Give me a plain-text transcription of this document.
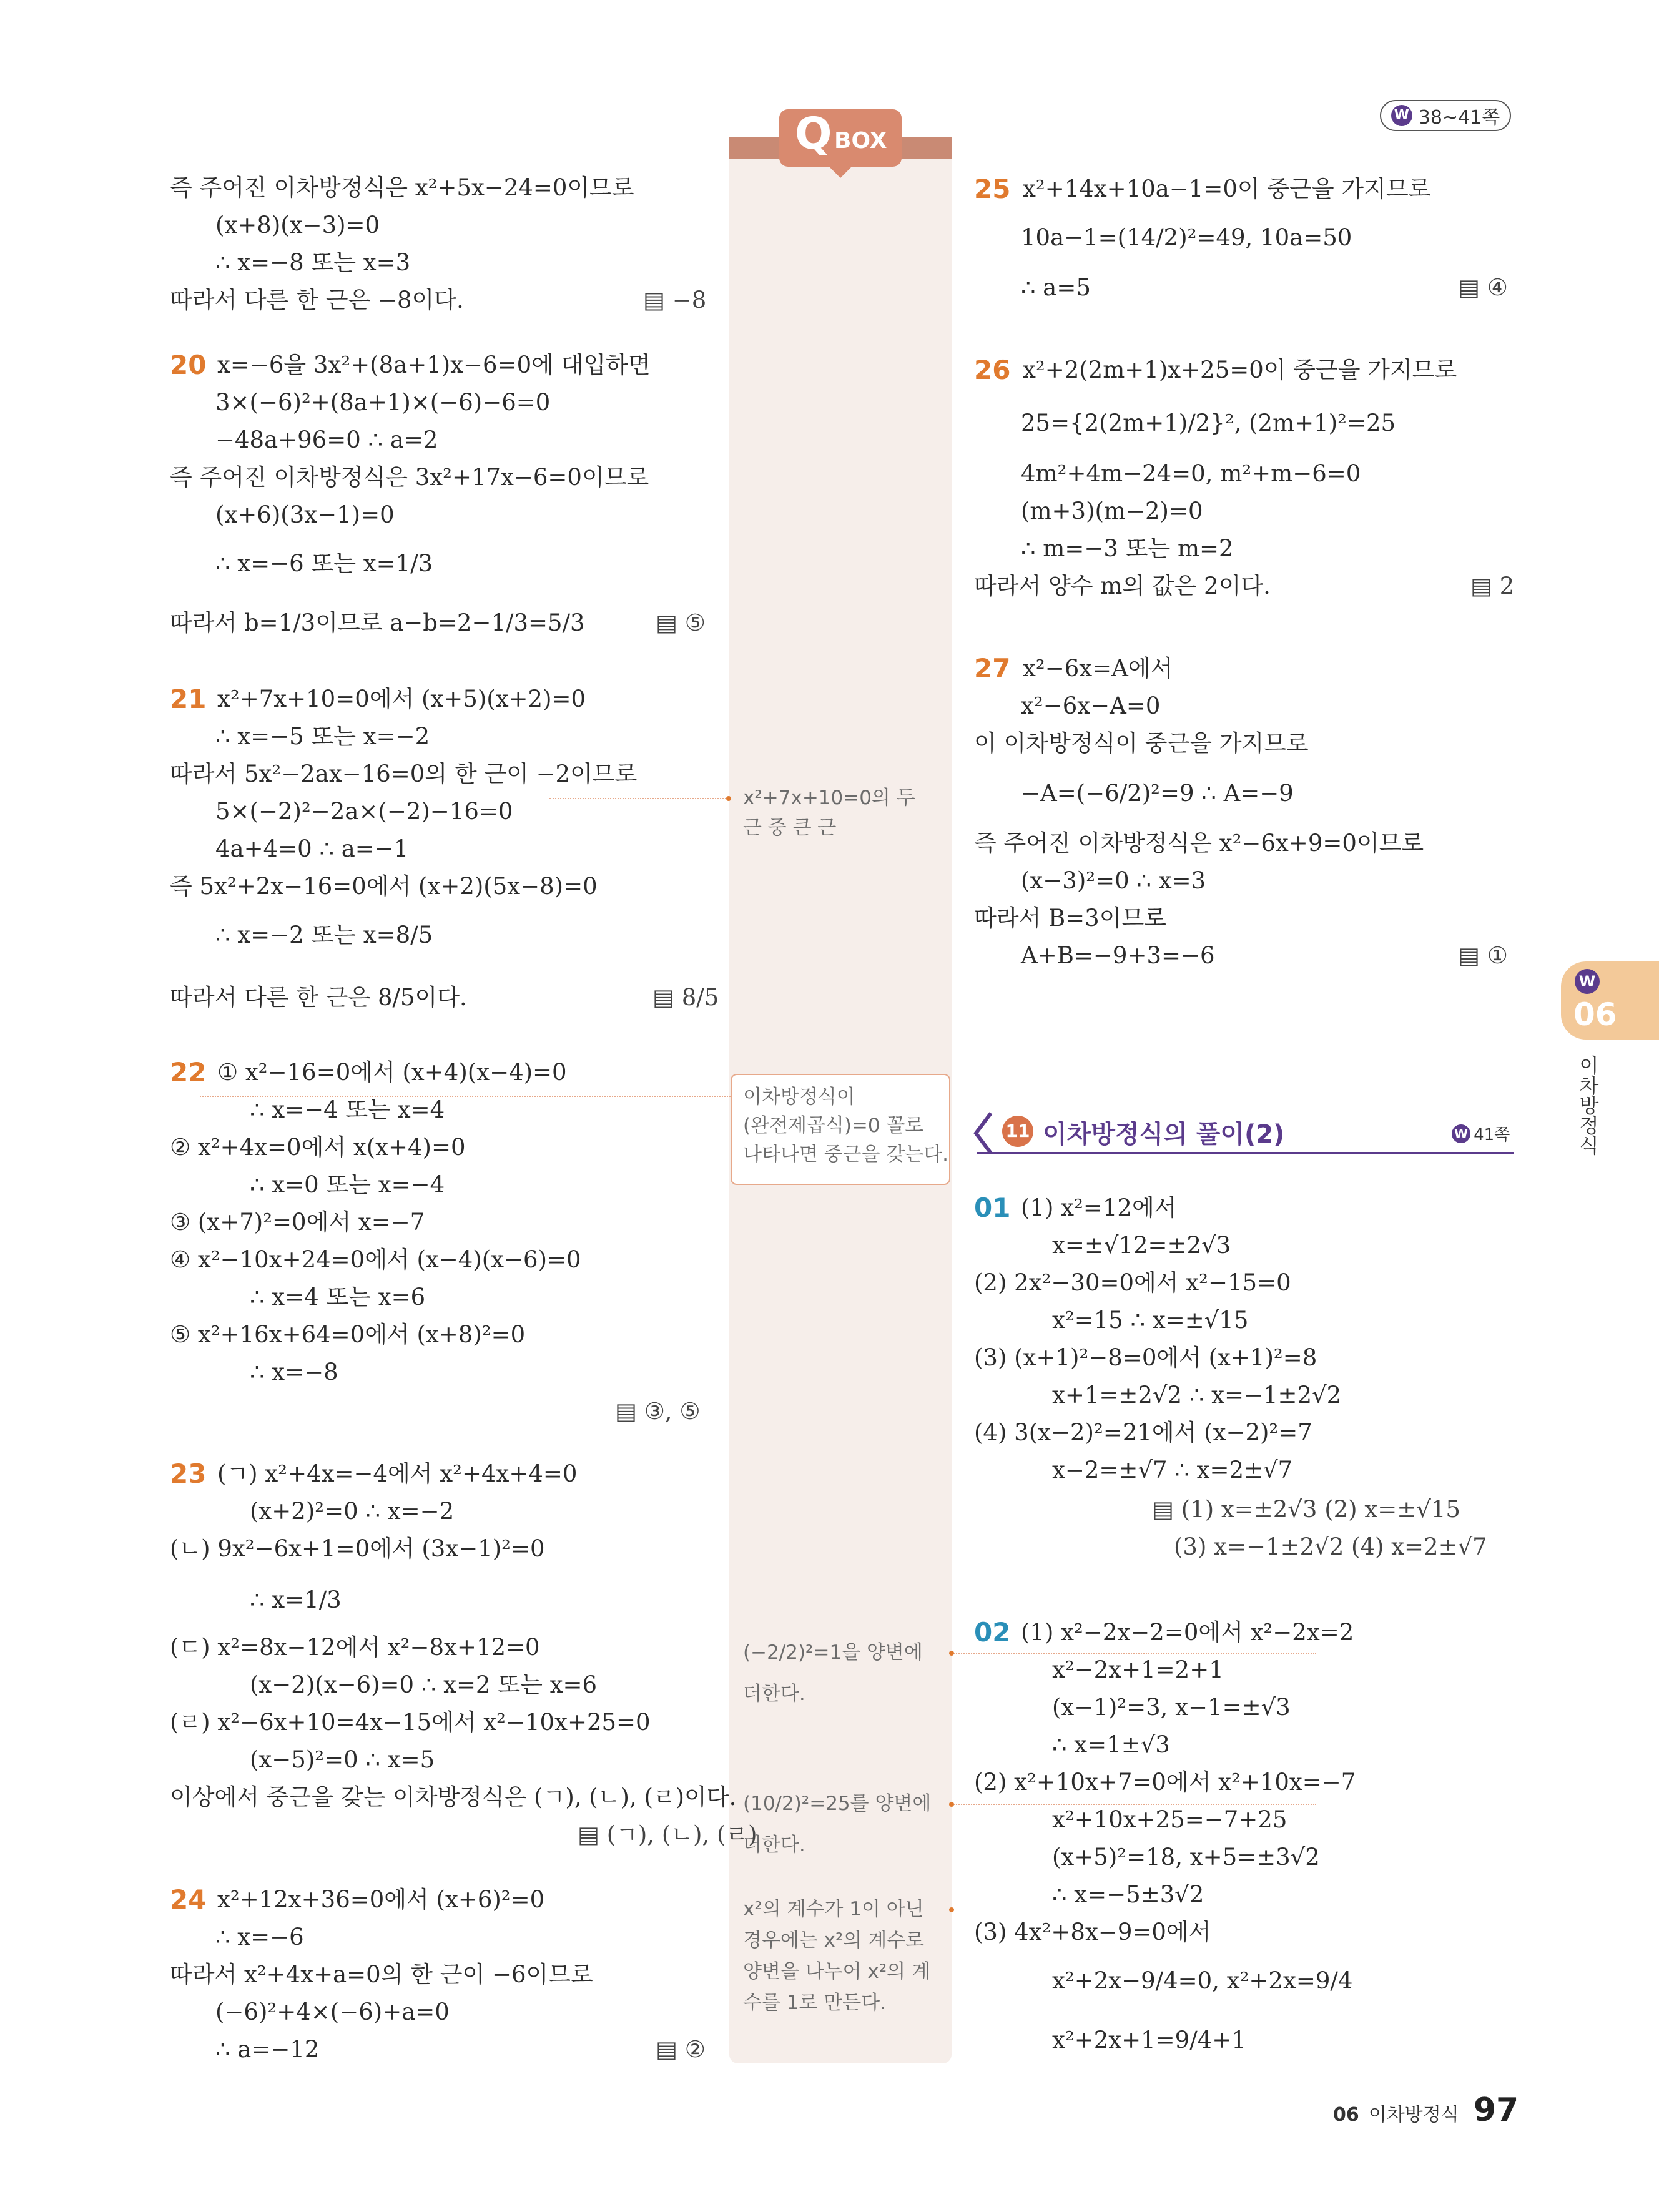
W 38~41쪽
Q BOX
x²+7x+10=0의 두
근 중 큰 근
이차방정식이
(완전제곱식)=0 꼴로
나타나면 중근을 갖는다.
(−2/2)²=1을 양변에
더한다.
(10/2)²=25를 양변에
더한다.
x²의 계수가 1이 아닌
경우에는 x²의 계수로
양변을 나누어 x²의 계
수를 1로 만든다.
즉 주어진 이차방정식은 x²+5x−24=0이므로
(x+8)(x−3)=0
∴ x=−8 또는 x=3
따라서 다른 한 근은 −8이다.	▤ −8
20 x=−6을 3x²+(8a+1)x−6=0에 대입하면
3×(−6)²+(8a+1)×(−6)−6=0
−48a+96=0 ∴ a=2
즉 주어진 이차방정식은 3x²+17x−6=0이므로
(x+6)(3x−1)=0
∴ x=−6 또는 x=1/3
따라서 b=1/3이므로 a−b=2−1/3=5/3	▤ ⑤
21 x²+7x+10=0에서 (x+5)(x+2)=0
∴ x=−5 또는 x=−2
따라서 5x²−2ax−16=0의 한 근이 −2이므로
5×(−2)²−2a×(−2)−16=0
4a+4=0 ∴ a=−1
즉 5x²+2x−16=0에서 (x+2)(5x−8)=0
∴ x=−2 또는 x=8/5
따라서 다른 한 근은 8/5이다.	▤ 8/5
22 ① x²−16=0에서 (x+4)(x−4)=0
∴ x=−4 또는 x=4
② x²+4x=0에서 x(x+4)=0
∴ x=0 또는 x=−4
③ (x+7)²=0에서 x=−7
④ x²−10x+24=0에서 (x−4)(x−6)=0
∴ x=4 또는 x=6
⑤ x²+16x+64=0에서 (x+8)²=0
∴ x=−8
▤ ③, ⑤
23 (ㄱ) x²+4x=−4에서 x²+4x+4=0
(x+2)²=0 ∴ x=−2
(ㄴ) 9x²−6x+1=0에서 (3x−1)²=0
∴ x=1/3
(ㄷ) x²=8x−12에서 x²−8x+12=0
(x−2)(x−6)=0 ∴ x=2 또는 x=6
(ㄹ) x²−6x+10=4x−15에서 x²−10x+25=0
(x−5)²=0 ∴ x=5
이상에서 중근을 갖는 이차방정식은 (ㄱ), (ㄴ), (ㄹ)이다.
▤ (ㄱ), (ㄴ), (ㄹ)
24 x²+12x+36=0에서 (x+6)²=0
∴ x=−6
따라서 x²+4x+a=0의 한 근이 −6이므로
(−6)²+4×(−6)+a=0
∴ a=−12	▤ ②
25 x²+14x+10a−1=0이 중근을 가지므로
10a−1=(14/2)²=49, 10a=50
∴ a=5	▤ ④
26 x²+2(2m+1)x+25=0이 중근을 가지므로
25={2(2m+1)/2}², (2m+1)²=25
4m²+4m−24=0, m²+m−6=0
(m+3)(m−2)=0
∴ m=−3 또는 m=2
따라서 양수 m의 값은 2이다.	▤ 2
27 x²−6x=A에서
x²−6x−A=0
이 이차방정식이 중근을 가지므로
−A=(−6/2)²=9 ∴ A=−9
즉 주어진 이차방정식은 x²−6x+9=0이므로
(x−3)²=0 ∴ x=3
따라서 B=3이므로
A+B=−9+3=−6	▤ ①
11 이차방정식의 풀이(2)	W 41쪽
01 (1) x²=12에서
x=±√12=±2√3
(2) 2x²−30=0에서 x²−15=0
x²=15 ∴ x=±√15
(3) (x+1)²−8=0에서 (x+1)²=8
x+1=±2√2 ∴ x=−1±2√2
(4) 3(x−2)²=21에서 (x−2)²=7
x−2=±√7 ∴ x=2±√7
▤ (1) x=±2√3 (2) x=±√15
(3) x=−1±2√2 (4) x=2±√7
02 (1) x²−2x−2=0에서 x²−2x=2
x²−2x+1=2+1
(x−1)²=3, x−1=±√3
∴ x=1±√3
(2) x²+10x+7=0에서 x²+10x=−7
x²+10x+25=−7+25
(x+5)²=18, x+5=±3√2
∴ x=−5±3√2
(3) 4x²+8x−9=0에서
x²+2x−9/4=0, x²+2x=9/4
x²+2x+1=9/4+1
W
06
이차방정식
06 이차방정식 97
